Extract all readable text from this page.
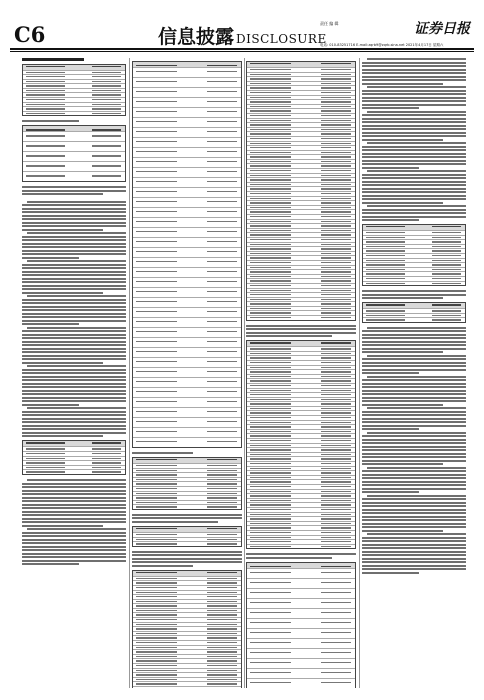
C6	信息披露 DISCLOSURE
责任 编 辑	证券日报
电话: 010-83251716 E-mail:zqrb9@zqrb.sina.net 2021年4月17日 星期六
